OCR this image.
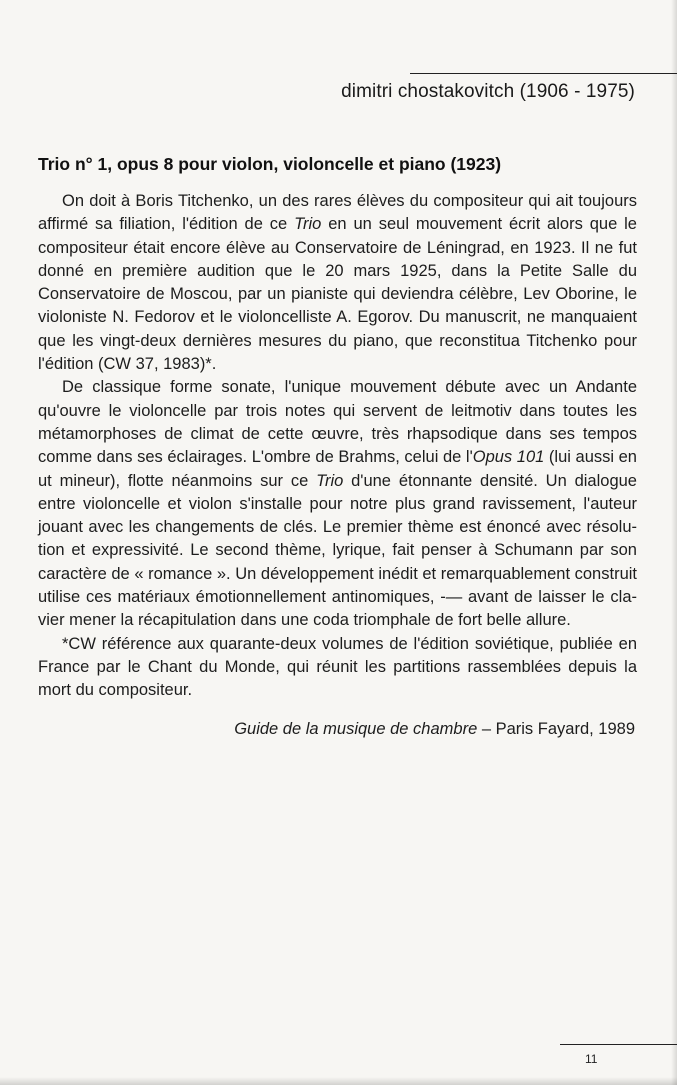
dimitri chostakovitch (1906 - 1975)
Trio n° 1, opus 8 pour violon, violoncelle et piano (1923)

On doit à Boris Titchenko, un des rares élèves du compositeur qui ait toujours affirmé sa filiation, l'édition de ce Trio en un seul mouvement écrit alors que le compositeur était encore élève au Conservatoire de Léningrad, en 1923. Il ne fut donné en première audition que le 20 mars 1925, dans la Petite Salle du Conservatoire de Moscou, par un pianiste qui deviendra célèbre, Lev Oborine, le violoniste N. Fedorov et le violoncelliste A. Egorov. Du manuscrit, ne manquaient que les vingt-deux dernières mesures du piano, que reconstitua Titchenko pour l'édition (CW 37, 1983)*.

De classique forme sonate, l'unique mouvement débute avec un Andante qu'ouvre le violoncelle par trois notes qui servent de leitmotiv dans toutes les métamorphoses de climat de cette œuvre, très rhapsodique dans ses tempos comme dans ses éclairages. L'ombre de Brahms, celui de l'Opus 101 (lui aussi en ut mineur), flotte néanmoins sur ce Trio d'une étonnante densité. Un dialogue entre violoncelle et violon s'installe pour notre plus grand ravissement, l'auteur jouant avec les changements de clés. Le premier thème est énoncé avec résolution et expressivité. Le second thème, lyrique, fait penser à Schumann par son caractère de « romance ». Un développement inédit et remarquablement construit utilise ces matériaux émotionnellement antinomiques, -— avant de laisser le clavier mener la récapitulation dans une coda triomphale de fort belle allure.

*CW référence aux quarante-deux volumes de l'édition soviétique, publiée en France par le Chant du Monde, qui réunit les partitions rassemblées depuis la mort du compositeur.

Guide de la musique de chambre – Paris Fayard, 1989
11
